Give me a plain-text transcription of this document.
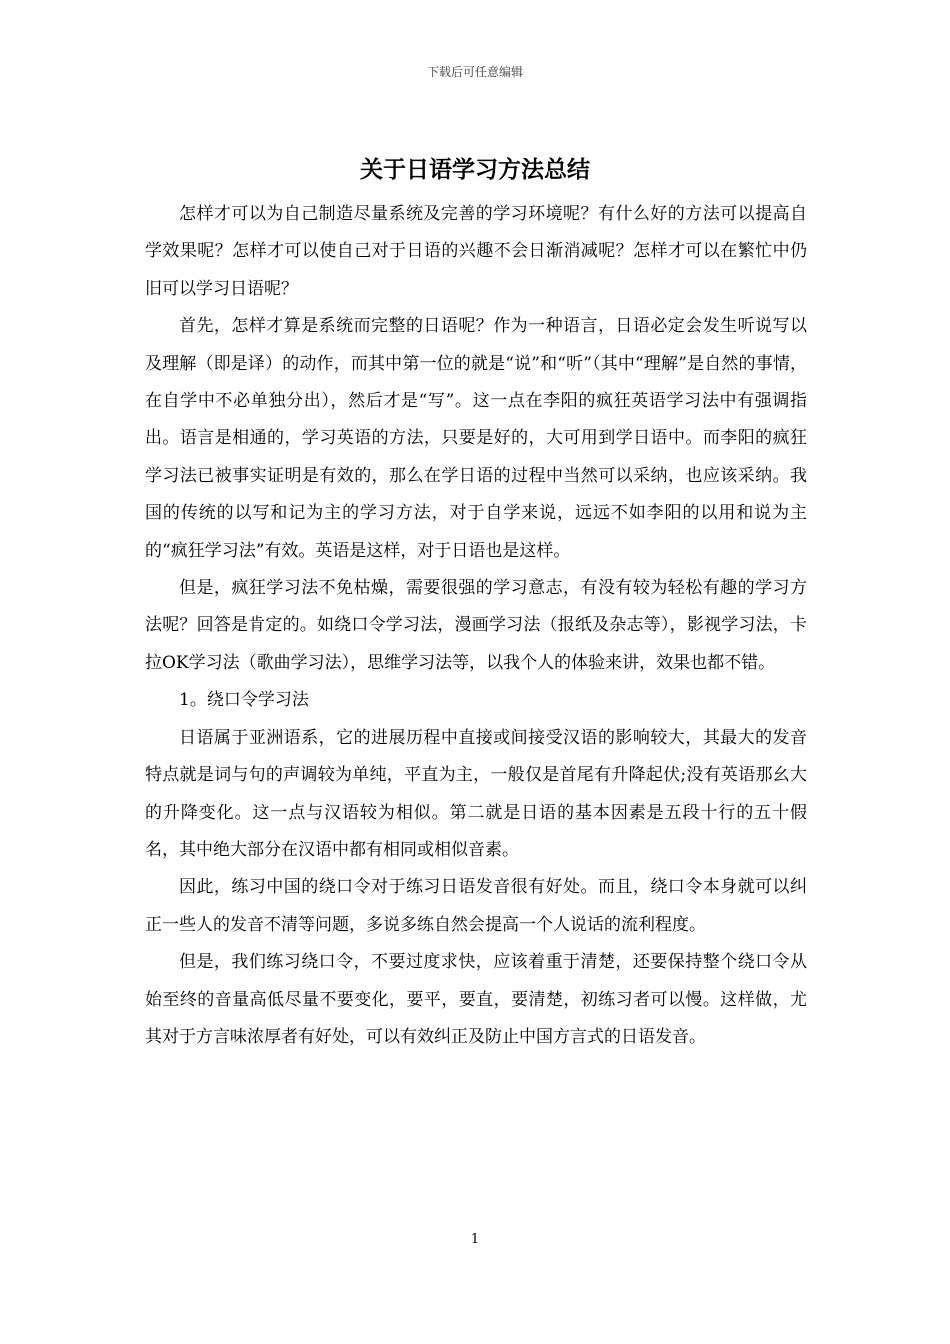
下载后可任意编辑
关于日语学习方法总结

怎样才可以为自己制造尽量系统及完善的学习环境呢？有什么好的方法可以提高自学效果呢？怎样才可以使自己对于日语的兴趣不会日渐消减呢？怎样才可以在繁忙中仍旧可以学习日语呢？

首先，怎样才算是系统而完整的日语呢？作为一种语言，日语必定会发生听说写以及理解（即是译）的动作，而其中第一位的就是“说”和“听”（其中“理解”是自然的事情，在自学中不必单独分出），然后才是“写”。这一点在李阳的疯狂英语学习法中有强调指出。语言是相通的，学习英语的方法，只要是好的，大可用到学日语中。而李阳的疯狂学习法已被事实证明是有效的，那么在学日语的过程中当然可以采纳，也应该采纳。我国的传统的以写和记为主的学习方法，对于自学来说，远远不如李阳的以用和说为主的“疯狂学习法”有效。英语是这样，对于日语也是这样。

但是，疯狂学习法不免枯燥，需要很强的学习意志，有没有较为轻松有趣的学习方法呢？回答是肯定的。如绕口令学习法，漫画学习法（报纸及杂志等），影视学习法，卡拉OK学习法（歌曲学习法），思维学习法等，以我个人的体验来讲，效果也都不错。

1。绕口令学习法

日语属于亚洲语系，它的进展历程中直接或间接受汉语的影响较大，其最大的发音特点就是词与句的声调较为单纯，平直为主，一般仅是首尾有升降起伏;没有英语那幺大的升降变化。这一点与汉语较为相似。第二就是日语的基本因素是五段十行的五十假名，其中绝大部分在汉语中都有相同或相似音素。

因此，练习中国的绕口令对于练习日语发音很有好处。而且，绕口令本身就可以纠正一些人的发音不清等问题，多说多练自然会提高一个人说话的流利程度。

但是，我们练习绕口令，不要过度求快，应该着重于清楚，还要保持整个绕口令从始至终的音量高低尽量不要变化，要平，要直，要清楚，初练习者可以慢。这样做，尤其对于方言味浓厚者有好处，可以有效纠正及防止中国方言式的日语发音。

1
